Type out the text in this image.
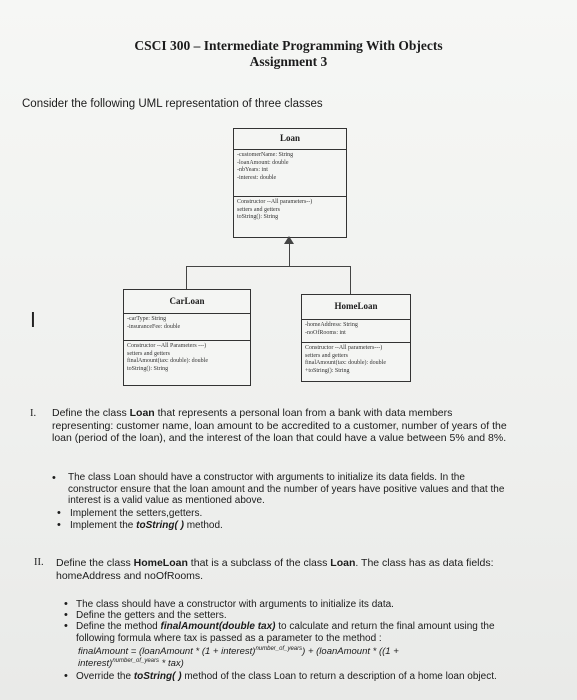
CSCI 300 – Intermediate Programming With Objects
Assignment 3
Consider the following UML representation of three classes
Loan
-customerName: String
-loanAmount: double
-nbYears: int
-interest: double
Constructor --All parameters--)
setters and getters
toString(): String
CarLoan
-carType: String
-insuranceFee: double
Constructor --All Parameters ---)
setters and getters
finalAmount(tax: double): double
toString(): String
HomeLoan
-homeAddress: String
-noOfRooms: int
Constructor --All parameters---)
setters and getters
finalAmount(tax: double): double
+toString(): String
I
I. Define the class Loan that represents a personal loan from a bank with data members representing: customer name, loan amount to be accredited to a customer, number of years of the loan (period of the loan), and the interest of the loan that could have a value between 5% and 8%.
• The class Loan should have a constructor with arguments to initialize its data fields. In the constructor ensure that the loan amount and the number of years have positive values and that the interest is a valid value as mentioned above.
• Implement the setters,getters.
• Implement the toString( ) method.
II. Define the class HomeLoan that is a subclass of the class Loan. The class has as data fields: homeAddress and noOfRooms.
• The class should have a constructor with arguments to initialize its data.
• Define the getters and the setters.
• Define the method finalAmount(double tax) to calculate and return the final amount using the following formula where tax is passed as a parameter to the method :
finalAmount = (loanAmount * (1 + interest)$^{number\_of\_years}$) + (loanAmount * ((1 +
interest)$^{number\_of\_years}$ * tax)
• Override the toString( ) method of the class Loan to return a description of a home loan object.
